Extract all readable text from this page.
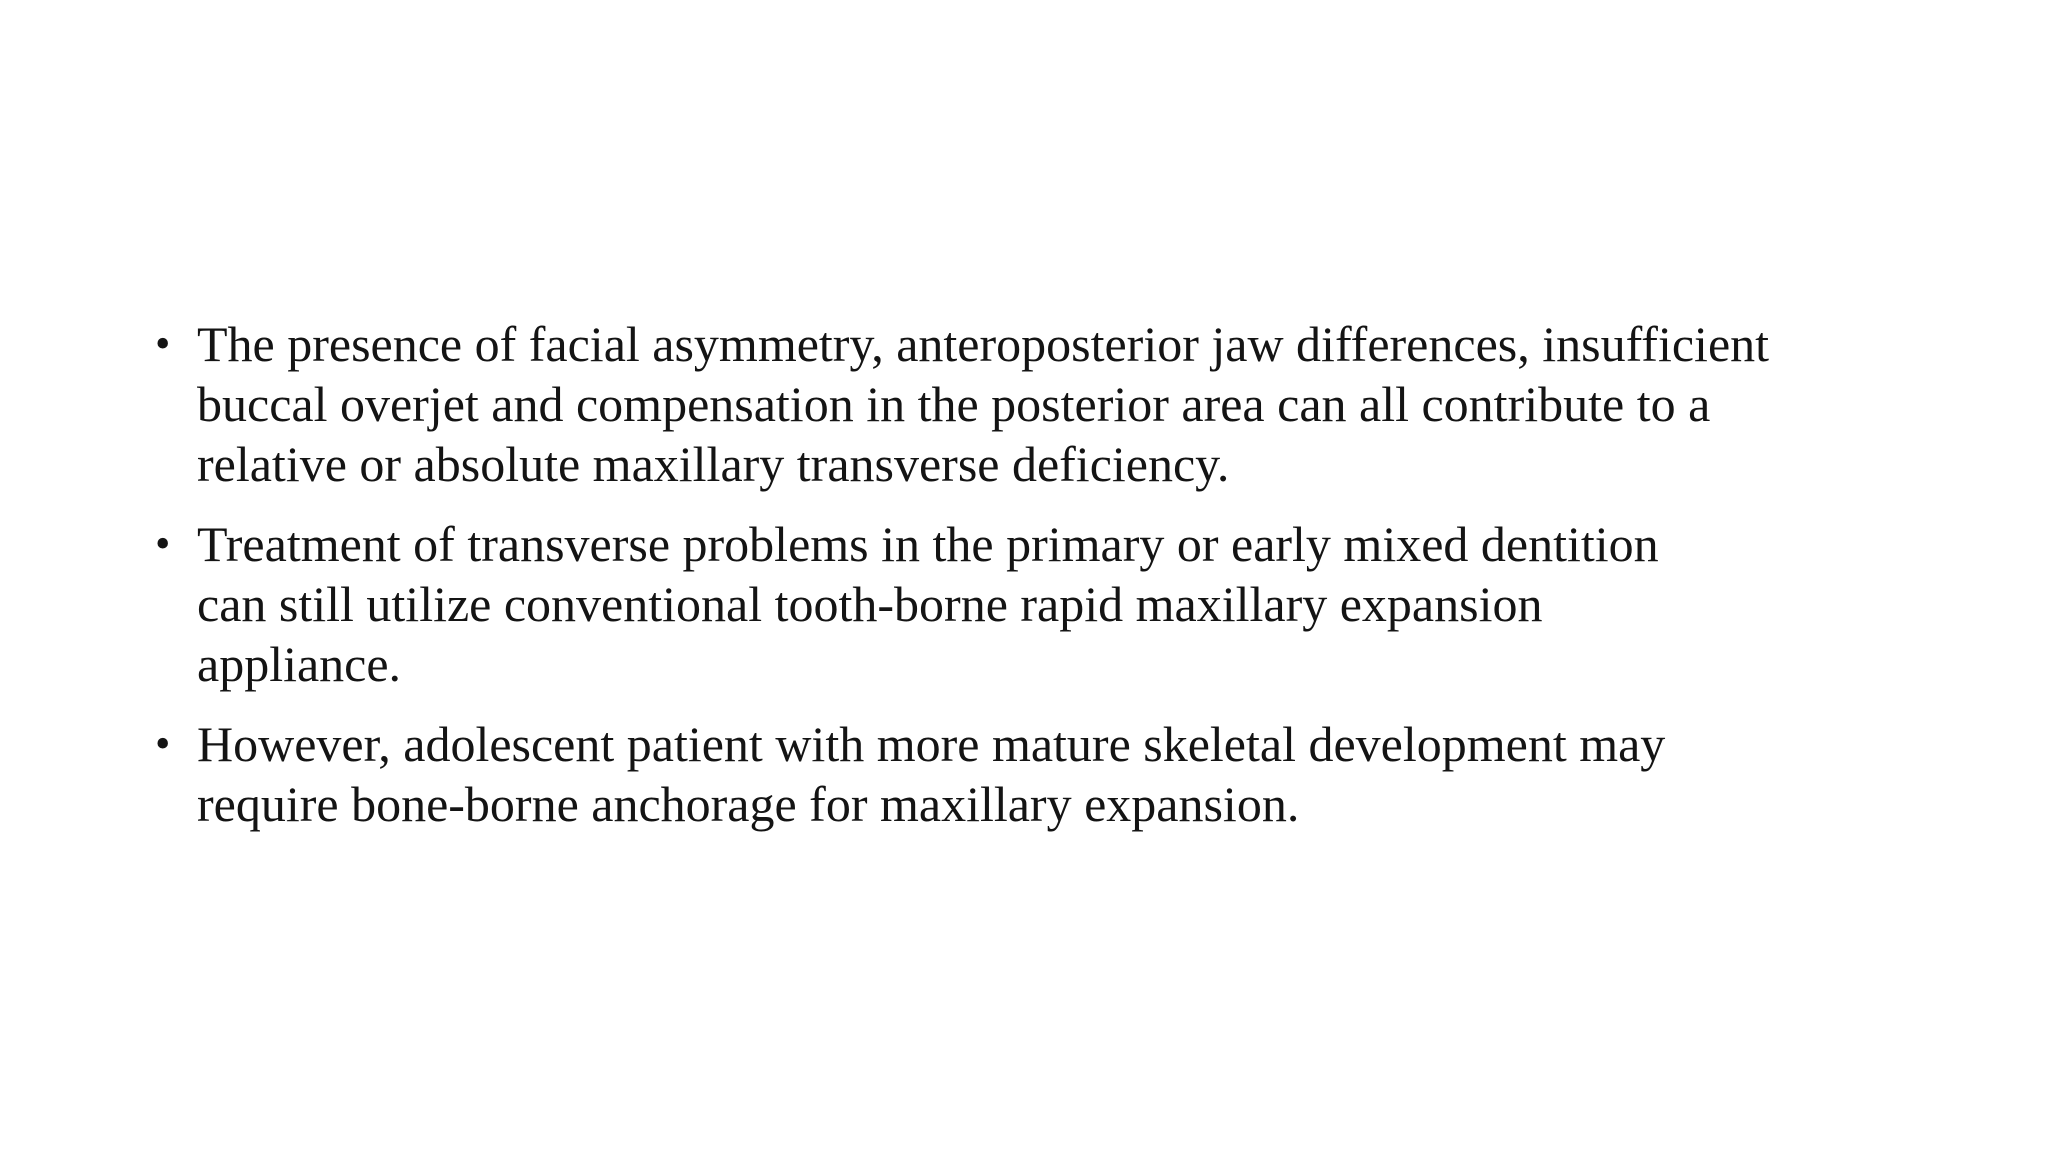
• The presence of facial asymmetry, anteroposterior jaw differences, insufficient
buccal overjet and compensation in the posterior area can all contribute to a
relative or absolute maxillary transverse deficiency.
• Treatment of transverse problems in the primary or early mixed dentition
can still utilize conventional tooth-borne rapid maxillary expansion
appliance.
• However, adolescent patient with more mature skeletal development may
require bone-borne anchorage for maxillary expansion.
